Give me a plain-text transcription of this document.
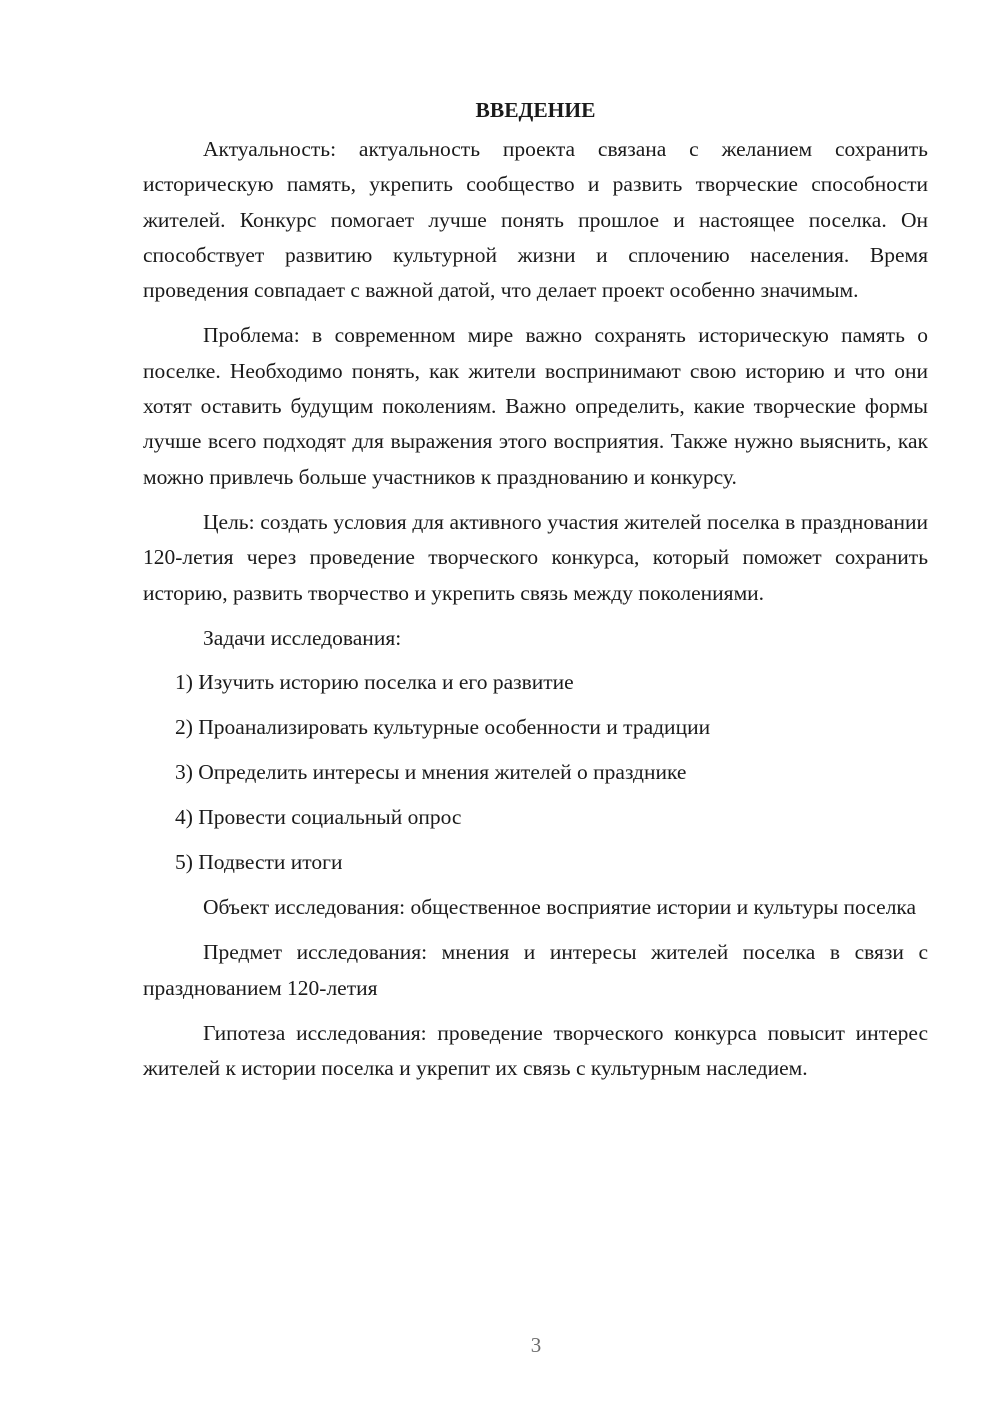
ВВЕДЕНИЕ

Актуальность: актуальность проекта связана с желанием сохранить историческую память, укрепить сообщество и развить творческие способности жителей. Конкурс помогает лучше понять прошлое и настоящее поселка. Он способствует развитию культурной жизни и сплочению населения. Время проведения совпадает с важной датой, что делает проект особенно значимым.

Проблема: в современном мире важно сохранять историческую память о поселке. Необходимо понять, как жители воспринимают свою историю и что они хотят оставить будущим поколениям. Важно определить, какие творческие формы лучше всего подходят для выражения этого восприятия. Также нужно выяснить, как можно привлечь больше участников к празднованию и конкурсу.

Цель: создать условия для активного участия жителей поселка в праздновании 120-летия через проведение творческого конкурса, который поможет сохранить историю, развить творчество и укрепить связь между поколениями.

Задачи исследования:
1) Изучить историю поселка и его развитие
2) Проанализировать культурные особенности и традиции
3) Определить интересы и мнения жителей о празднике
4) Провести социальный опрос
5) Подвести итоги

Объект исследования: общественное восприятие истории и культуры поселка

Предмет исследования: мнения и интересы жителей поселка в связи с празднованием 120-летия

Гипотеза исследования: проведение творческого конкурса повысит интерес жителей к истории поселка и укрепит их связь с культурным наследием.

3
